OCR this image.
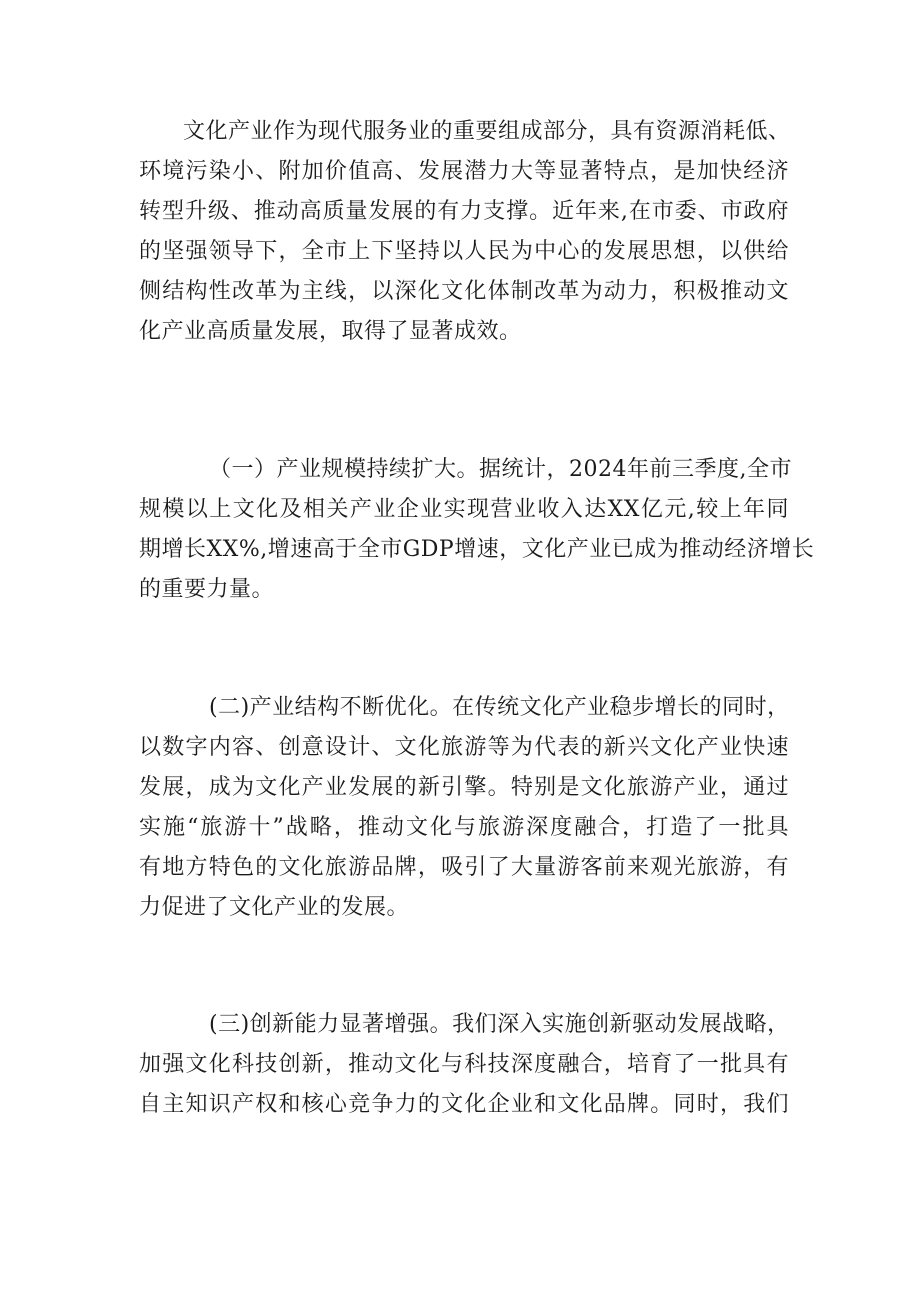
文化产业作为现代服务业的重要组成部分，具有资源消耗低、
环境污染小、附加价值高、发展潜力大等显著特点，是加快经济
转型升级、推动高质量发展的有力支撑。近年来,在市委、市政府
的坚强领导下，全市上下坚持以人民为中心的发展思想，以供给
侧结构性改革为主线，以深化文化体制改革为动力，积极推动文
化产业高质量发展，取得了显著成效。
（一）产业规模持续扩大。据统计，2024年前三季度,全市
规模以上文化及相关产业企业实现营业收入达XX亿元,较上年同
期增长XX%,增速高于全市GDP增速，文化产业已成为推动经济增长
的重要力量。
(二)产业结构不断优化。在传统文化产业稳步增长的同时，
以数字内容、创意设计、文化旅游等为代表的新兴文化产业快速
发展，成为文化产业发展的新引擎。特别是文化旅游产业，通过
实施“旅游十”战略，推动文化与旅游深度融合，打造了一批具
有地方特色的文化旅游品牌，吸引了大量游客前来观光旅游，有
力促进了文化产业的发展。
(三)创新能力显著增强。我们深入实施创新驱动发展战略，
加强文化科技创新，推动文化与科技深度融合，培育了一批具有
自主知识产权和核心竞争力的文化企业和文化品牌。同时，我们
